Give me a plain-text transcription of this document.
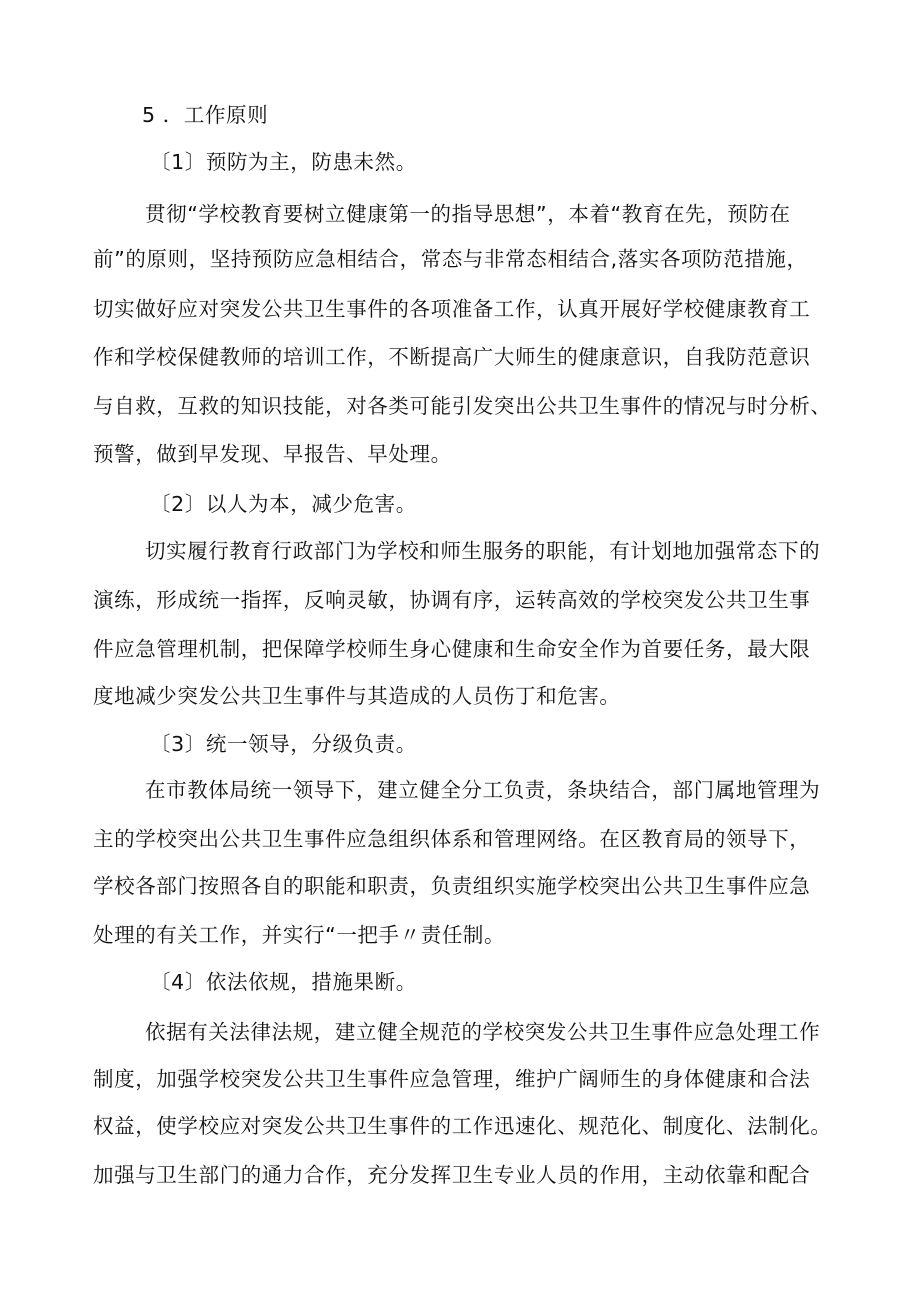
5 ．工作原则
〔1〕预防为主，防患未然。
贯彻“学校教育要树立健康第一的指导思想”，本着“教育在先，预防在
前”的原则，坚持预防应急相结合，常态与非常态相结合,落实各项防范措施，
切实做好应对突发公共卫生事件的各项准备工作，认真开展好学校健康教育工
作和学校保健教师的培训工作，不断提高广大师生的健康意识，自我防范意识
与自救，互救的知识技能，对各类可能引发突出公共卫生事件的情况与时分析、
预警，做到早发现、早报告、早处理。
〔2〕以人为本，减少危害。
切实履行教育行政部门为学校和师生服务的职能，有计划地加强常态下的
演练，形成统一指挥，反响灵敏，协调有序，运转高效的学校突发公共卫生事
件应急管理机制，把保障学校师生身心健康和生命安全作为首要任务，最大限
度地减少突发公共卫生事件与其造成的人员伤丁和危害。
〔3〕统一领导，分级负责。
在市教体局统一领导下，建立健全分工负责，条块结合，部门属地管理为
主的学校突出公共卫生事件应急组织体系和管理网络。在区教育局的领导下，
学校各部门按照各自的职能和职责，负责组织实施学校突出公共卫生事件应急
处理的有关工作，并实行“一把手〃责任制。
〔4〕依法依规，措施果断。
依据有关法律法规，建立健全规范的学校突发公共卫生事件应急处理工作
制度，加强学校突发公共卫生事件应急管理，维护广阔师生的身体健康和合法
权益，使学校应对突发公共卫生事件的工作迅速化、规范化、制度化、法制化。
加强与卫生部门的通力合作，充分发挥卫生专业人员的作用，主动依靠和配合
